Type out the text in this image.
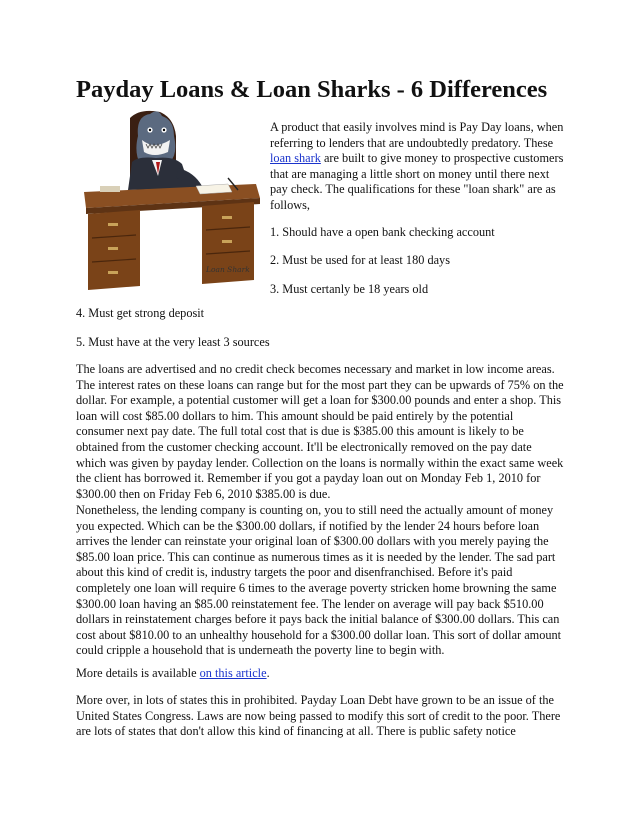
Payday Loans & Loan Sharks - 6 Differences
Loan Shark

A product that easily involves mind is Pay Day loans, when referring to lenders that are undoubtedly predatory. These loan shark are built to give money to prospective customers that are managing a little short on money until there next pay check. The qualifications for these "loan shark" are as follows,

1. Should have a open bank checking account

2. Must be used for at least 180 days

3. Must certanly be 18 years old

4. Must get strong deposit
5. Must have at the very least 3 sources

The loans are advertised and no credit check becomes necessary and market in low income areas. The interest rates on these loans can range but for the most part they can be upwards of 75% on the dollar. For example, a potential customer will get a loan for $300.00 pounds and enter a shop. This loan will cost $85.00 dollars to him. This amount should be paid entirely by the potential consumer next pay date. The full total cost that is due is $385.00 this amount is likely to be obtained from the customer checking account. It'll be electronically removed on the pay date which was given by payday lender. Collection on the loans is normally within the exact same week the client has borrowed it. Remember if you got a payday loan out on Monday Feb 1, 2010 for $300.00 then on Friday Feb 6, 2010 $385.00 is due.

Nonetheless, the lending company is counting on, you to still need the actually amount of money you expected. Which can be the $300.00 dollars, if notified by the lender 24 hours before loan arrives the lender can reinstate your original loan of $300.00 dollars with you merely paying the $85.00 loan price. This can continue as numerous times as it is needed by the lender. The sad part about this kind of credit is, industry targets the poor and disenfranchised. Before it's paid completely one loan will require 6 times to the average poverty stricken home browning the same $300.00 loan having an $85.00 reinstatement fee. The lender on average will pay back $510.00 dollars in reinstatement charges before it pays back the initial balance of $300.00 dollars. This can cost about $810.00 to an unhealthy household for a $300.00 dollar loan. This sort of dollar amount could cripple a household that is underneath the poverty line to begin with.

More details is available on this article.

More over, in lots of states this in prohibited. Payday Loan Debt have grown to be an issue of the United States Congress. Laws are now being passed to modify this sort of credit to the poor. There are lots of states that don't allow this kind of financing at all. There is public safety notice
